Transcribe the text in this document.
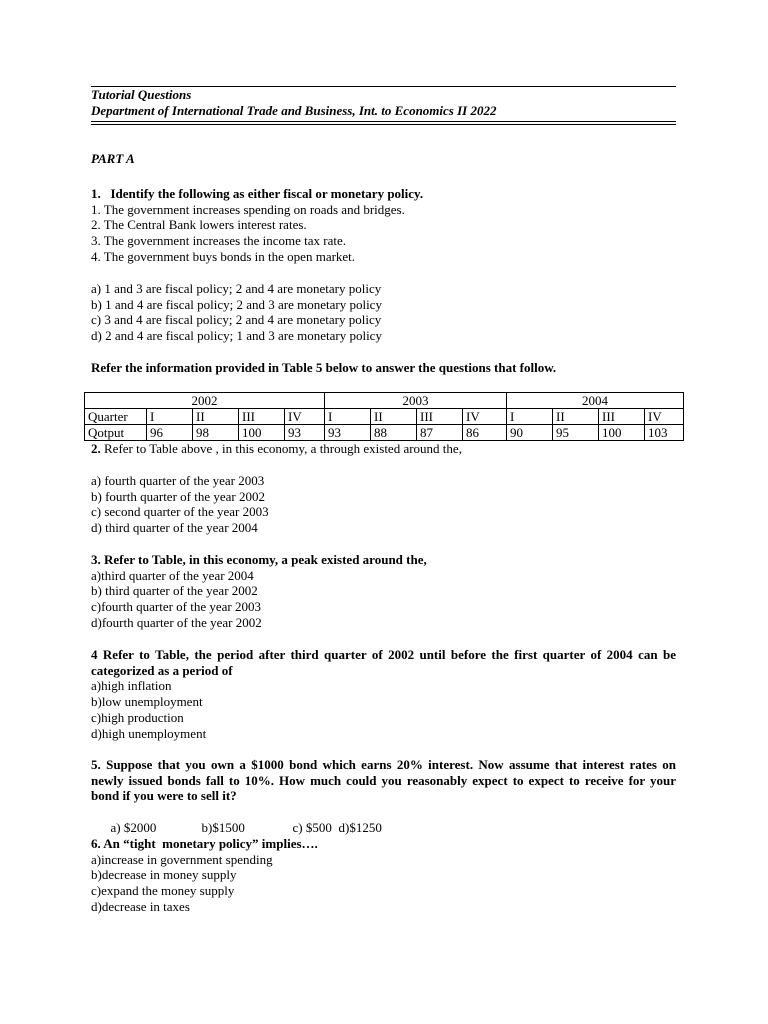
Tutorial Questions
Department of International Trade and Business, Int. to Economics II 2022
PART A
1.   Identify the following as either fiscal or monetary policy.
1. The government increases spending on roads and bridges.
2. The Central Bank lowers interest rates.
3. The government increases the income tax rate.
4. The government buys bonds in the open market.
a) 1 and 3 are fiscal policy; 2 and 4 are monetary policy
b) 1 and 4 are fiscal policy; 2 and 3 are monetary policy
c) 3 and 4 are fiscal policy; 2 and 4 are monetary policy
d) 2 and 4 are fiscal policy; 1 and 3 are monetary policy
Refer the information provided in Table 5 below to answer the questions that follow.
2002					2003				2004			
Quarter	I	II	III	IV	I	II	III	IV	I	II	III	IV
Qotput	96	98	100	93	93	88	87	86	90	95	100	103
2. Refer to Table above , in this economy, a through existed around the,
a) fourth quarter of the year 2003
b) fourth quarter of the year 2002
c) second quarter of the year 2003
d) third quarter of the year 2004
3. Refer to Table, in this economy, a peak existed around the,
a)third quarter of the year 2004
b) third quarter of the year 2002
c)fourth quarter of the year 2003
d)fourth quarter of the year 2002
4 Refer to Table, the period after third quarter of 2002 until before the first quarter of 2004 can be categorized as a period of
a)high inflation
b)low unemployment
c)high production
d)high unemployment
5. Suppose that you own a $1000 bond which earns 20% interest. Now assume that interest rates on newly issued bonds fall to 10%. How much could you reasonably expect to expect to receive for your bond if you were to sell it?

a) $2000	b)$1500	c) $500 d)$1250

6. An “tight  monetary policy” implies….
a)increase in government spending
b)decrease in money supply
c)expand the money supply
d)decrease in taxes
